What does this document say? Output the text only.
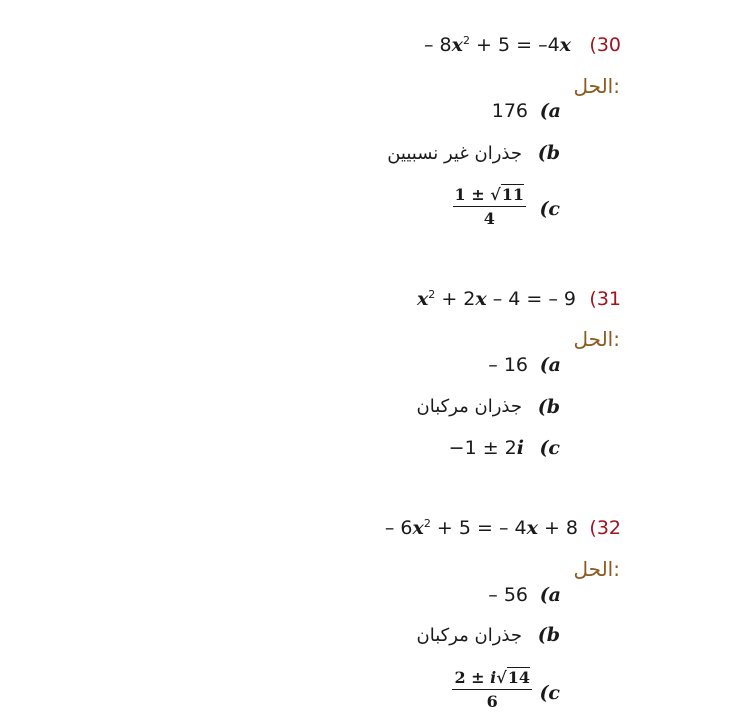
– $8x^2 + 5 = -4x$ (30
الحل:
176 (a
جذران غير نسبيين (b
$\frac{1 \pm √11}{4} (c$
$x^2 + 2x - 4$ = – 9 (31
الحل:
– 16 (a
جذران مركبان (b
−1 ± 2i (c
– $6x^2 + 5$ = – 4x + 8 (32
الحل:
– 56 (a
جذران مركبان (b
$\frac{2 \pm i√14}{6} (c$
